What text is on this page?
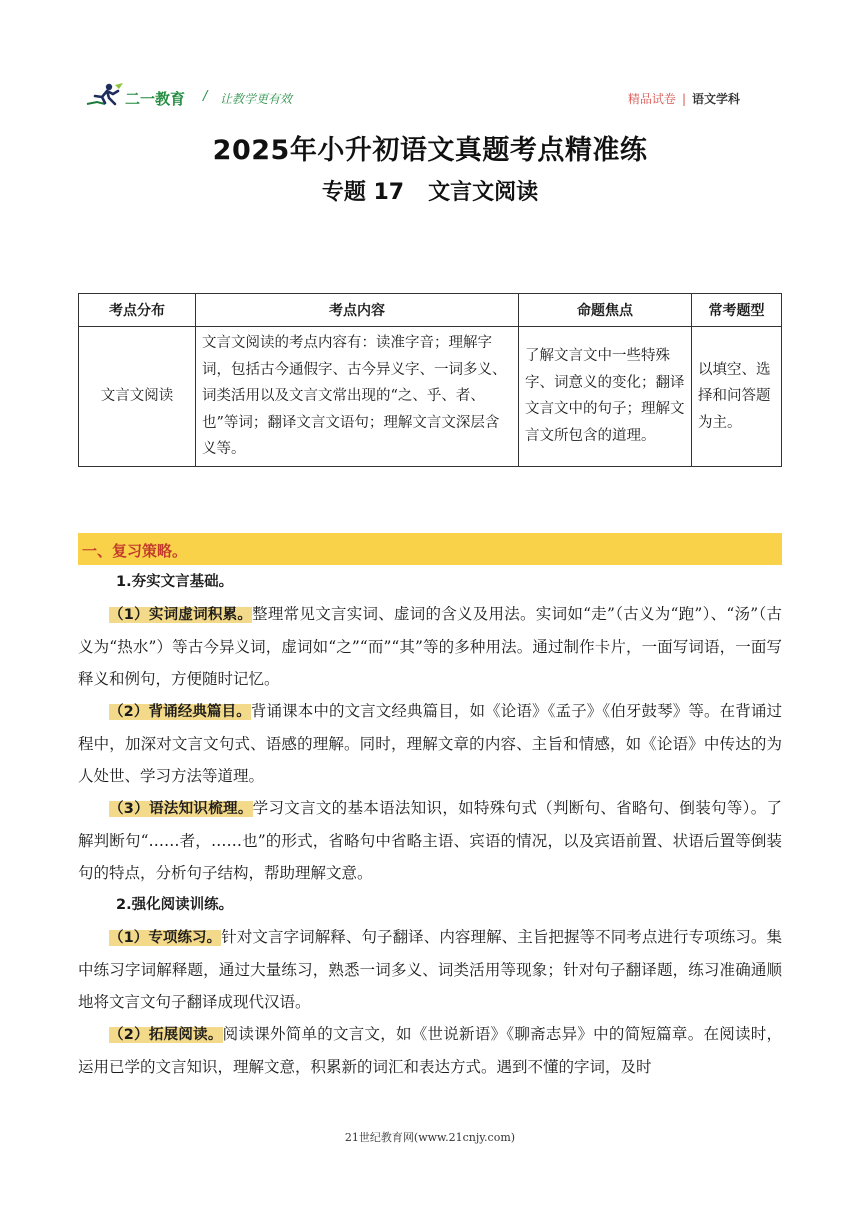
二一教育 / 让教学更有效	精品试卷 | 语文学科
2025年小升初语文真题考点精准练
专题 17 文言文阅读
考点分布	考点内容	命题焦点	常考题型
文言文阅读	文言文阅读的考点内容有：读准字音；理解字词，包括古今通假字、古今异义字、一词多义、词类活用以及文言文常出现的“之、乎、者、也”等词；翻译文言文语句；理解文言文深层含义等。	了解文言文中一些特殊字、词意义的变化；翻译文言文中的句子；理解文言文所包含的道理。	以填空、选择和问答题为主。
一、复习策略。

1.夯实文言基础。

（1）实词虚词积累。整理常见文言实词、虚词的含义及用法。实词如“走”（古义为“跑”）、“汤”（古义为“热水”）等古今异义词，虚词如“之”“而”“其”等的多种用法。通过制作卡片，一面写词语，一面写释义和例句，方便随时记忆。

（2）背诵经典篇目。背诵课本中的文言文经典篇目，如《论语》《孟子》《伯牙鼓琴》等。在背诵过程中，加深对文言文句式、语感的理解。同时，理解文章的内容、主旨和情感，如《论语》中传达的为人处世、学习方法等道理。

（3）语法知识梳理。学习文言文的基本语法知识，如特殊句式（判断句、省略句、倒装句等）。了解判断句“……者，……也”的形式，省略句中省略主语、宾语的情况，以及宾语前置、状语后置等倒装句的特点，分析句子结构，帮助理解文意。

2.强化阅读训练。

（1）专项练习。针对文言字词解释、句子翻译、内容理解、主旨把握等不同考点进行专项练习。集中练习字词解释题，通过大量练习，熟悉一词多义、词类活用等现象；针对句子翻译题，练习准确通顺地将文言文句子翻译成现代汉语。

（2）拓展阅读。阅读课外简单的文言文，如《世说新语》《聊斋志异》中的简短篇章。在阅读时，运用已学的文言知识，理解文意，积累新的词汇和表达方式。遇到不懂的字词，及时

21世纪教育网(www.21cnjy.com)
